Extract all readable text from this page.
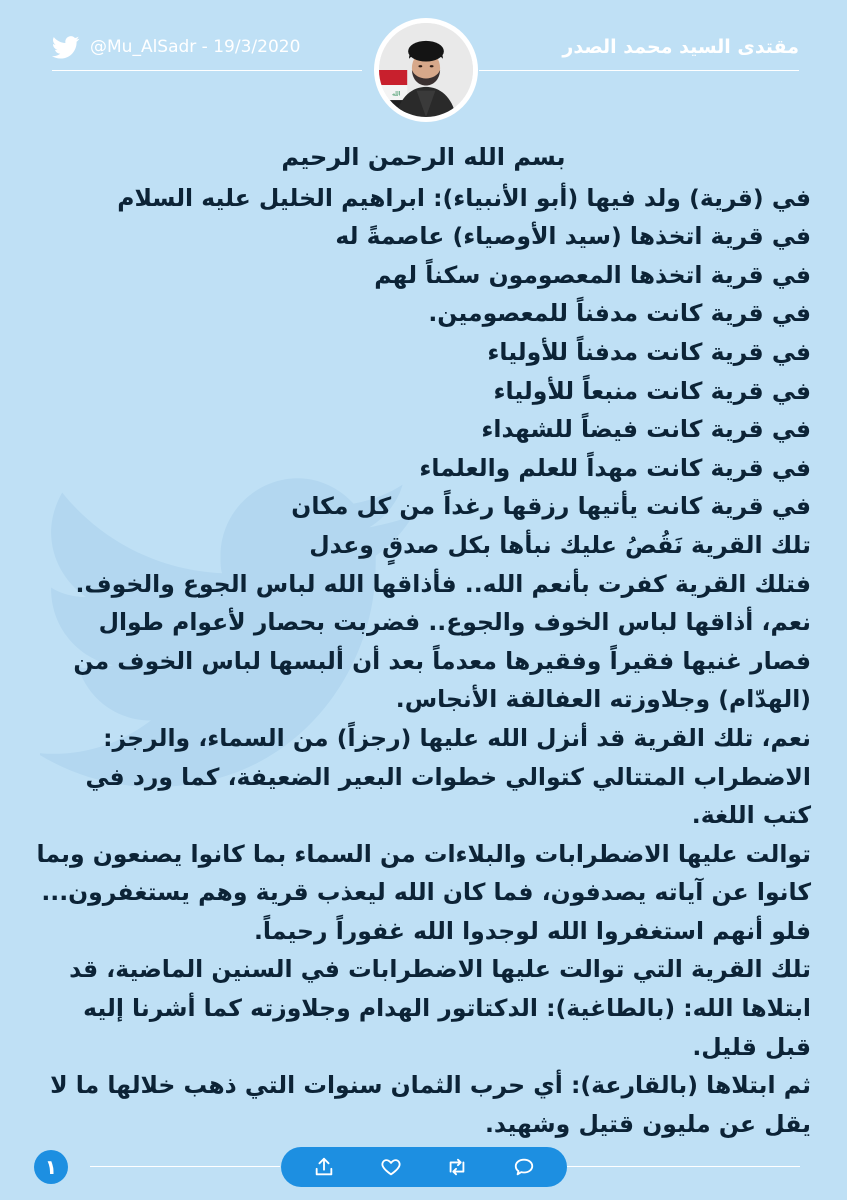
@Mu_AlSadr - 19/3/2020	مقتدى السيد محمد الصدر
الله

بسم الله الرحمن الرحيم

في (قرية) ولد فيها (أبو الأنبياء): ابراهيم الخليل عليه السلام

في قرية اتخذها (سيد الأوصياء) عاصمةً له

في قرية اتخذها المعصومون سكناً لهم

في قرية كانت مدفناً للمعصومين.

في قرية كانت مدفناً للأولياء

في قرية كانت منبعاً للأولياء

في قرية كانت فيضاً للشهداء

في قرية كانت مهداً للعلم والعلماء

في قرية كانت يأتيها رزقها رغداً من كل مكان

تلك القرية نَقُصُ عليك نبأها بكل صدقٍ وعدل

فتلك القرية كفرت بأنعم الله.. فأذاقها الله لباس الجوع والخوف.

نعم، أذاقها لباس الخوف والجوع.. فضربت بحصار لأعوام طوال فصار غنيها فقيراً وفقيرها معدماً بعد أن ألبسها لباس الخوف من (الهدّام) وجلاوزته العفالقة الأنجاس.

نعم، تلك القرية قد أنزل الله عليها (رجزاً) من السماء، والرجز: الاضطراب المتتالي كتوالي خطوات البعير الضعيفة، كما ورد في كتب اللغة.

توالت عليها الاضطرابات والبلاءات من السماء بما كانوا يصنعون وبما كانوا عن آياته يصدفون، فما كان الله ليعذب قرية وهم يستغفرون... فلو أنهم استغفروا الله لوجدوا الله غفوراً رحيماً.

تلك القرية التي توالت عليها الاضطرابات في السنين الماضية، قد ابتلاها الله: (بالطاغية): الدكتاتور الهدام وجلاوزته كما أشرنا إليه قبل قليل.

ثم ابتلاها (بالقارعة): أي حرب الثمان سنوات التي ذهب خلالها ما لا يقل عن مليون قتيل وشهيد.

١
